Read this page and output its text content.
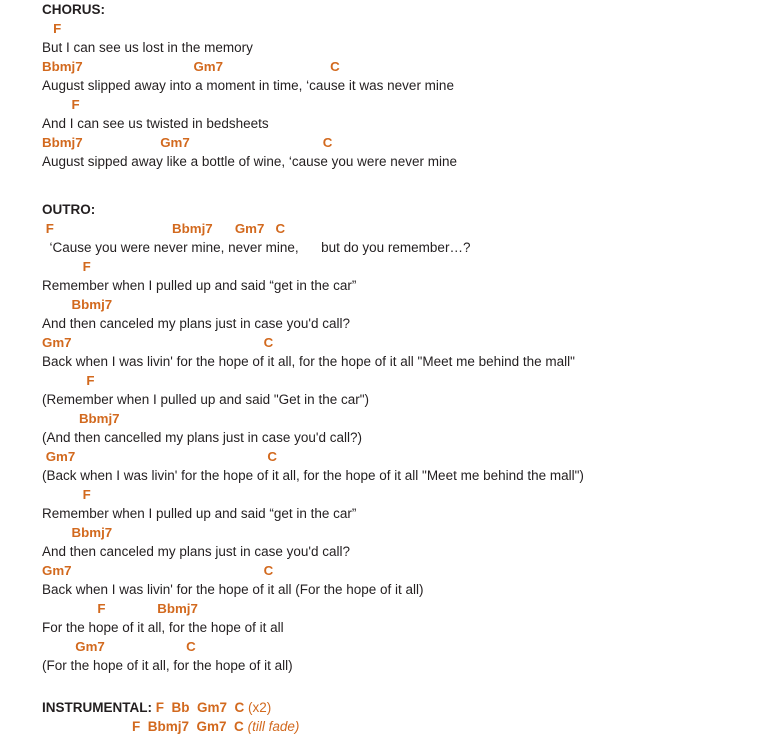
CHORUS:
F
But I can see us lost in the memory
Bbmj7                              Gm7                             C
August slipped away into a moment in time, ‘cause it was never mine
F
And I can see us twisted in bedsheets
Bbmj7                     Gm7                                    C
August sipped away like a bottle of wine, ‘cause you were never mine
OUTRO:
F                                Bbmj7      Gm7   C
‘Cause you were never mine, never mine,      but do you remember…?
F
Remember when I pulled up and said “get in the car”
Bbmj7
And then canceled my plans just in case you'd call?
Gm7                                                    C
Back when I was livin' for the hope of it all, for the hope of it all "Meet me behind the mall"
F
(Remember when I pulled up and said "Get in the car")
Bbmj7
(And then cancelled my plans just in case you'd call?)
Gm7                                                    C
(Back when I was livin' for the hope of it all, for the hope of it all "Meet me behind the mall")
F
Remember when I pulled up and said “get in the car”
Bbmj7
And then canceled my plans just in case you'd call?
Gm7                                                    C
Back when I was livin' for the hope of it all (For the hope of it all)
F              Bbmj7
For the hope of it all, for the hope of it all
Gm7                      C
(For the hope of it all, for the hope of it all)
INSTRUMENTAL: F  Bb  Gm7  C (x2)
F  Bbmj7  Gm7  C (till fade)
